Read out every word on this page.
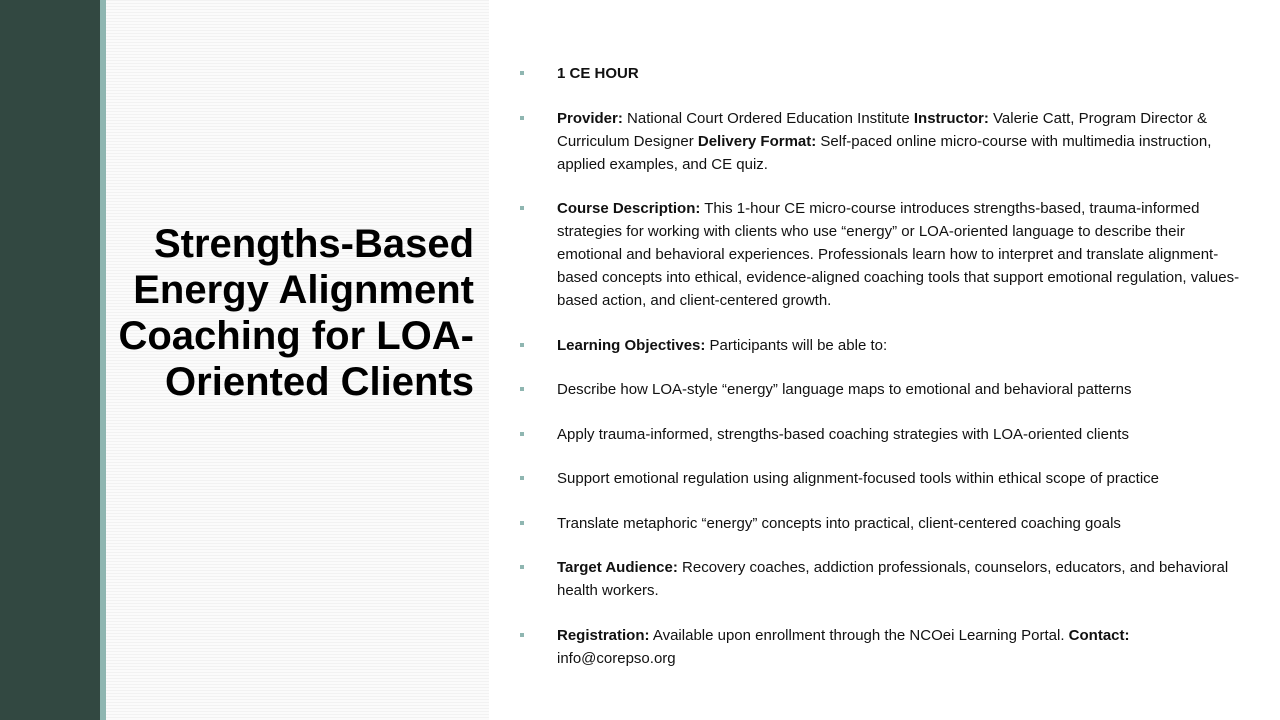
Strengths-Based Energy Alignment Coaching for LOA-Oriented Clients
1 CE HOUR
Provider: National Court Ordered Education Institute Instructor: Valerie Catt, Program Director & Curriculum Designer Delivery Format: Self-paced online micro-course with multimedia instruction, applied examples, and CE quiz.
Course Description: This 1-hour CE micro-course introduces strengths-based, trauma-informed strategies for working with clients who use “energy” or LOA-oriented language to describe their emotional and behavioral experiences. Professionals learn how to interpret and translate alignment-based concepts into ethical, evidence-aligned coaching tools that support emotional regulation, values-based action, and client-centered growth.
Learning Objectives: Participants will be able to:
Describe how LOA-style “energy” language maps to emotional and behavioral patterns
Apply trauma-informed, strengths-based coaching strategies with LOA-oriented clients
Support emotional regulation using alignment-focused tools within ethical scope of practice
Translate metaphoric “energy” concepts into practical, client-centered coaching goals
Target Audience: Recovery coaches, addiction professionals, counselors, educators, and behavioral health workers.
Registration: Available upon enrollment through the NCOei Learning Portal. Contact: info@corepso.org
